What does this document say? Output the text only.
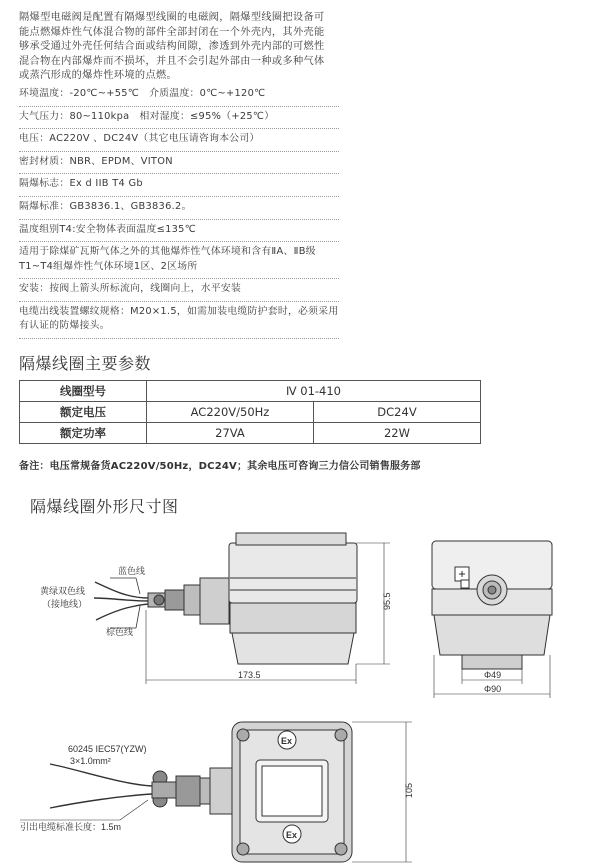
隔爆型电磁阀是配置有隔爆型线圈的电磁阀，隔爆型线圈把设备可能点燃爆炸性气体混合物的部件全部封闭在一个外壳内，其外壳能够承受通过外壳任何结合面或结构间隙，渗透到外壳内部的可燃性混合物在内部爆炸而不损坏，并且不会引起外部由一种或多种气体或蒸汽形成的爆炸性环境的点燃。
环境温度：-20℃~+55℃　介质温度：0℃~+120℃
大气压力：80~110kpa　相对湿度：≤95%（+25℃）
电压：AC220V 、DC24V（其它电压请咨询本公司）
密封材质：NBR、EPDM、VITON
隔爆标志：Ex d IIB T4 Gb
隔爆标准：GB3836.1、GB3836.2。
温度组别T4:安全物体表面温度≤135℃
适用于除煤矿瓦斯气体之外的其他爆炸性气体环境和含有ⅡA、ⅡB级T1~T4组爆炸性气体环境1区、2区场所
安装：按阀上箭头所标流向，线圈向上，水平安装
电缆出线装置螺纹规格：M20×1.5，如需加装电缆防护套时，必须采用有认证的防爆接头。
隔爆线圈主要参数
线圈型号	Ⅳ 01-410	
额定电压	AC220V/50Hz	DC24V
额定功率	27VA	22W
备注：电压常规备货AC220V/50Hz，DC24V；其余电压可咨询三力信公司销售服务部
隔爆线圈外形尺寸图
蓝色线
黄绿双色线
（接地线）
棕色线
95.5
173.5	Φ49
Φ90
Ex
Ex
60245 IEC57(YZW)
3×1.0mm²
引出电缆标准长度：1.5m
105
